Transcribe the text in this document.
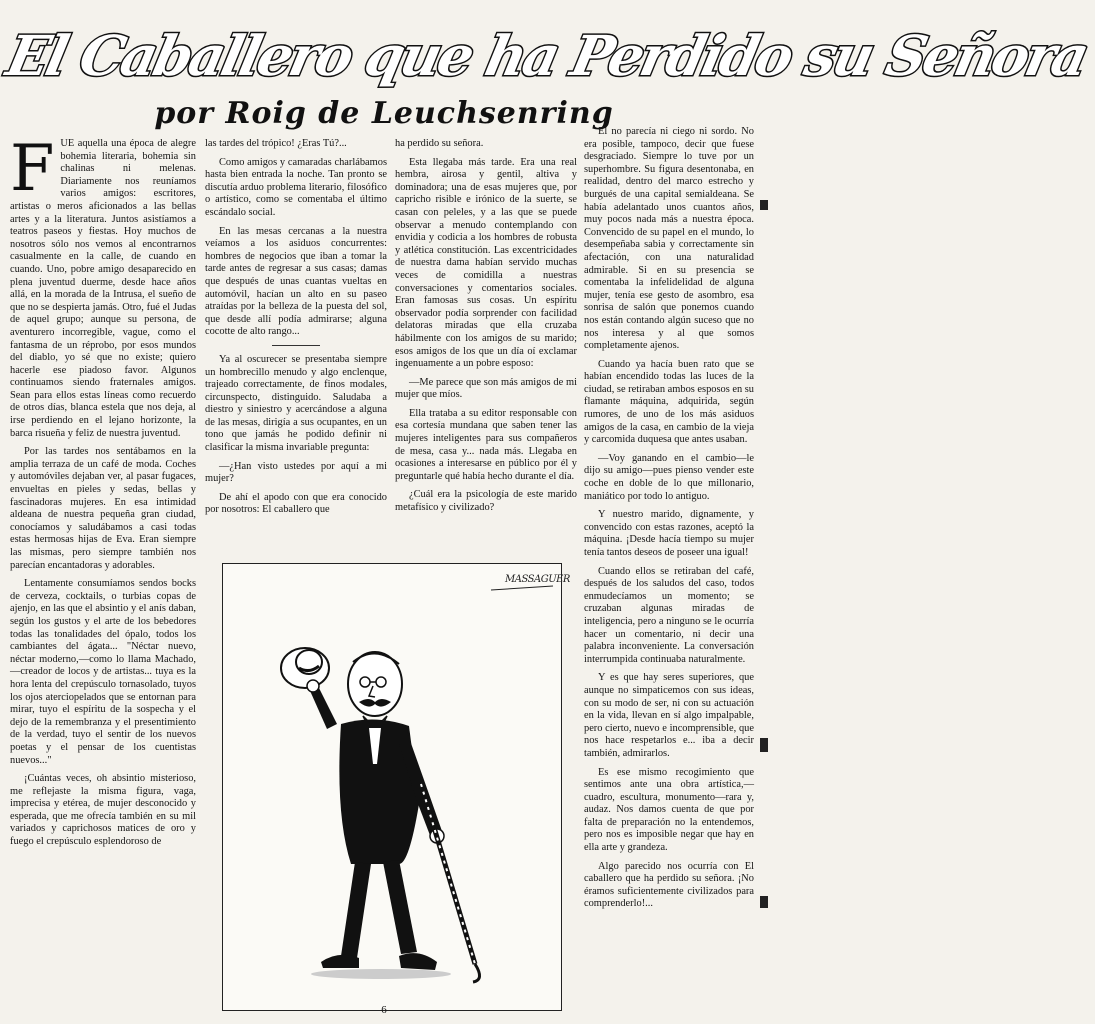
El Caballero que ha Perdido su Señora
por Roig de Leuchsenring

FUE aquella una época de alegre bohemia literaria, bohemia sin chalinas ni melenas. Diariamente nos reuníamos varios amigos: escritores, artistas o meros aficionados a las bellas artes y a la literatura. Juntos asistíamos a teatros paseos y fiestas. Hoy muchos de nosotros sólo nos vemos al encontrarnos casualmente en la calle, de cuando en cuando. Uno, pobre amigo desaparecido en plena juventud duerme, desde hace años allá, en la morada de la Intrusa, el sueño de que no se despierta jamás. Otro, fué el Judas de aquel grupo; aunque su persona, de aventurero incorregible, vague, como el fantasma de un réprobo, por esos mundos del diablo, yo sé que no existe; quiero hacerle ese piadoso favor. Algunos continuamos siendo fraternales amigos. Sean para ellos estas líneas como recuerdo de otros días, blanca estela que nos deja, al irse perdiendo en el lejano horizonte, la barca risueña y feliz de nuestra juventud.

Por las tardes nos sentábamos en la amplia terraza de un café de moda. Coches y automóviles dejaban ver, al pasar fugaces, envueltas en pieles y sedas, bellas y fascinadoras mujeres. En esa intimidad aldeana de nuestra pequeña gran ciudad, conocíamos y saludábamos a casi todas estas hermosas hijas de Eva. Eran siempre las mismas, pero siempre también nos parecían encantadoras y adorables.

Lentamente consumíamos sendos bocks de cerveza, cocktails, o turbias copas de ajenjo, en las que el absintio y el anís daban, según los gustos y el arte de los bebedores todas las tonalidades del ópalo, todos los cambiantes del ágata... "Néctar nuevo, néctar moderno,—como lo llama Machado,—creador de locos y de artistas... tuya es la hora lenta del crepúsculo tornasolado, tuyos los ojos aterciopelados que se entornan para mirar, tuyo el espíritu de la sospecha y el dejo de la remembranza y el presentimiento de la verdad, tuyo el sentir de los nuevos poetas y el pensar de los cuentistas nuevos..."

¡Cuántas veces, oh absintio misterioso, me reflejaste la misma figura, vaga, imprecisa y etérea, de mujer desconocido y esperada, que me ofrecía también en su mil variados y caprichosos matices de oro y fuego el crepúsculo esplendoroso de

las tardes del trópico! ¿Eras Tú?...

Como amigos y camaradas charlábamos hasta bien entrada la noche. Tan pronto se discutía arduo problema literario, filosófico o artístico, como se comentaba el último escándalo social.

En las mesas cercanas a la nuestra veíamos a los asiduos concurrentes: hombres de negocios que iban a tomar la tarde antes de regresar a sus casas; damas que después de unas cuantas vueltas en automóvil, hacían un alto en su paseo atraídas por la belleza de la puesta del sol, que desde allí podía admirarse; alguna cocotte de alto rango...

Ya al oscurecer se presentaba siempre un hombrecillo menudo y algo enclenque, trajeado correctamente, de finos modales, circunspecto, distinguido. Saludaba a diestro y siniestro y acercándose a alguna de las mesas, dirigía a sus ocupantes, en un tono que jamás he podido definir ni clasificar la misma invariable pregunta:

—¿Han visto ustedes por aquí a mi mujer?

De ahí el apodo con que era conocido por nosotros: El caballero que

ha perdido su señora.

Esta llegaba más tarde. Era una real hembra, airosa y gentil, altiva y dominadora; una de esas mujeres que, por capricho risible e irónico de la suerte, se casan con peleles, y a las que se puede observar a menudo contemplando con envidia y codicia a los hombres de robusta y atlética constitución. Las excentricidades de nuestra dama habían servido muchas veces de comidilla a nuestras conversaciones y comentarios sociales. Eran famosas sus cosas. Un espíritu observador podía sorprender con facilidad delatoras miradas que ella cruzaba hábilmente con los amigos de su marido; esos amigos de los que un día oí exclamar ingenuamente a un pobre esposo:

—Me parece que son más amigos de mi mujer que míos.

Ella trataba a su editor responsable con esa cortesía mundana que saben tener las mujeres inteligentes para sus compañeros de mesa, casa y... nada más. Llegaba en ocasiones a interesarse en público por él y preguntarle qué había hecho durante el día.

¿Cuál era la psicología de este marido metafísico y civilizado?

El no parecía ni ciego ni sordo. No era posible, tampoco, decir que fuese desgraciado. Siempre lo tuve por un superhombre. Su figura desentonaba, en realidad, dentro del marco estrecho y burgués de una capital semialdeana. Se había adelantado unos cuantos años, muy pocos nada más a nuestra época. Convencido de su papel en el mundo, lo desempeñaba sabia y correctamente sin afectación, con una naturalidad admirable. Si en su presencia se comentaba la infelidelidad de alguna mujer, tenía ese gesto de asombro, esa sonrisa de salón que ponemos cuando nos están contando algún suceso que no nos interesa y al que somos completamente ajenos.

Cuando ya hacía buen rato que se habían encendido todas las luces de la ciudad, se retiraban ambos esposos en su flamante máquina, adquirida, según rumores, de uno de los más asiduos amigos de la casa, en cambio de la vieja y carcomida duquesa que antes usaban.

—Voy ganando en el cambio—le dijo su amigo—pues pienso vender este coche en doble de lo que millonario, maniático por todo lo antiguo.

Y nuestro marido, dignamente, y convencido con estas razones, aceptó la máquina. ¡Desde hacía tiempo su mujer tenía tantos deseos de poseer una igual!

Cuando ellos se retiraban del café, después de los saludos del caso, todos enmudecíamos un momento; se cruzaban algunas miradas de inteligencia, pero a ninguno se le ocurría hacer un comentario, ni decir una palabra inconveniente. La conversación interrumpida continuaba naturalmente.

Y es que hay seres superiores, que aunque no simpaticemos con sus ideas, con su modo de ser, ni con su actuación en la vida, llevan en sí algo impalpable, pero cierto, nuevo e incomprensible, que nos hace respetarlos e... iba a decir también, admirarlos.

Es ese mismo recogimiento que sentimos ante una obra artística,—cuadro, escultura, monumento—rara y, audaz. Nos damos cuenta de que por falta de preparación no la entendemos, pero nos es imposible negar que hay en ella arte y grandeza.

Algo parecido nos ocurría con El caballero que ha perdido su señora. ¡No éramos suficientemente civilizados para comprenderlo!...

MASSAGUER
6
